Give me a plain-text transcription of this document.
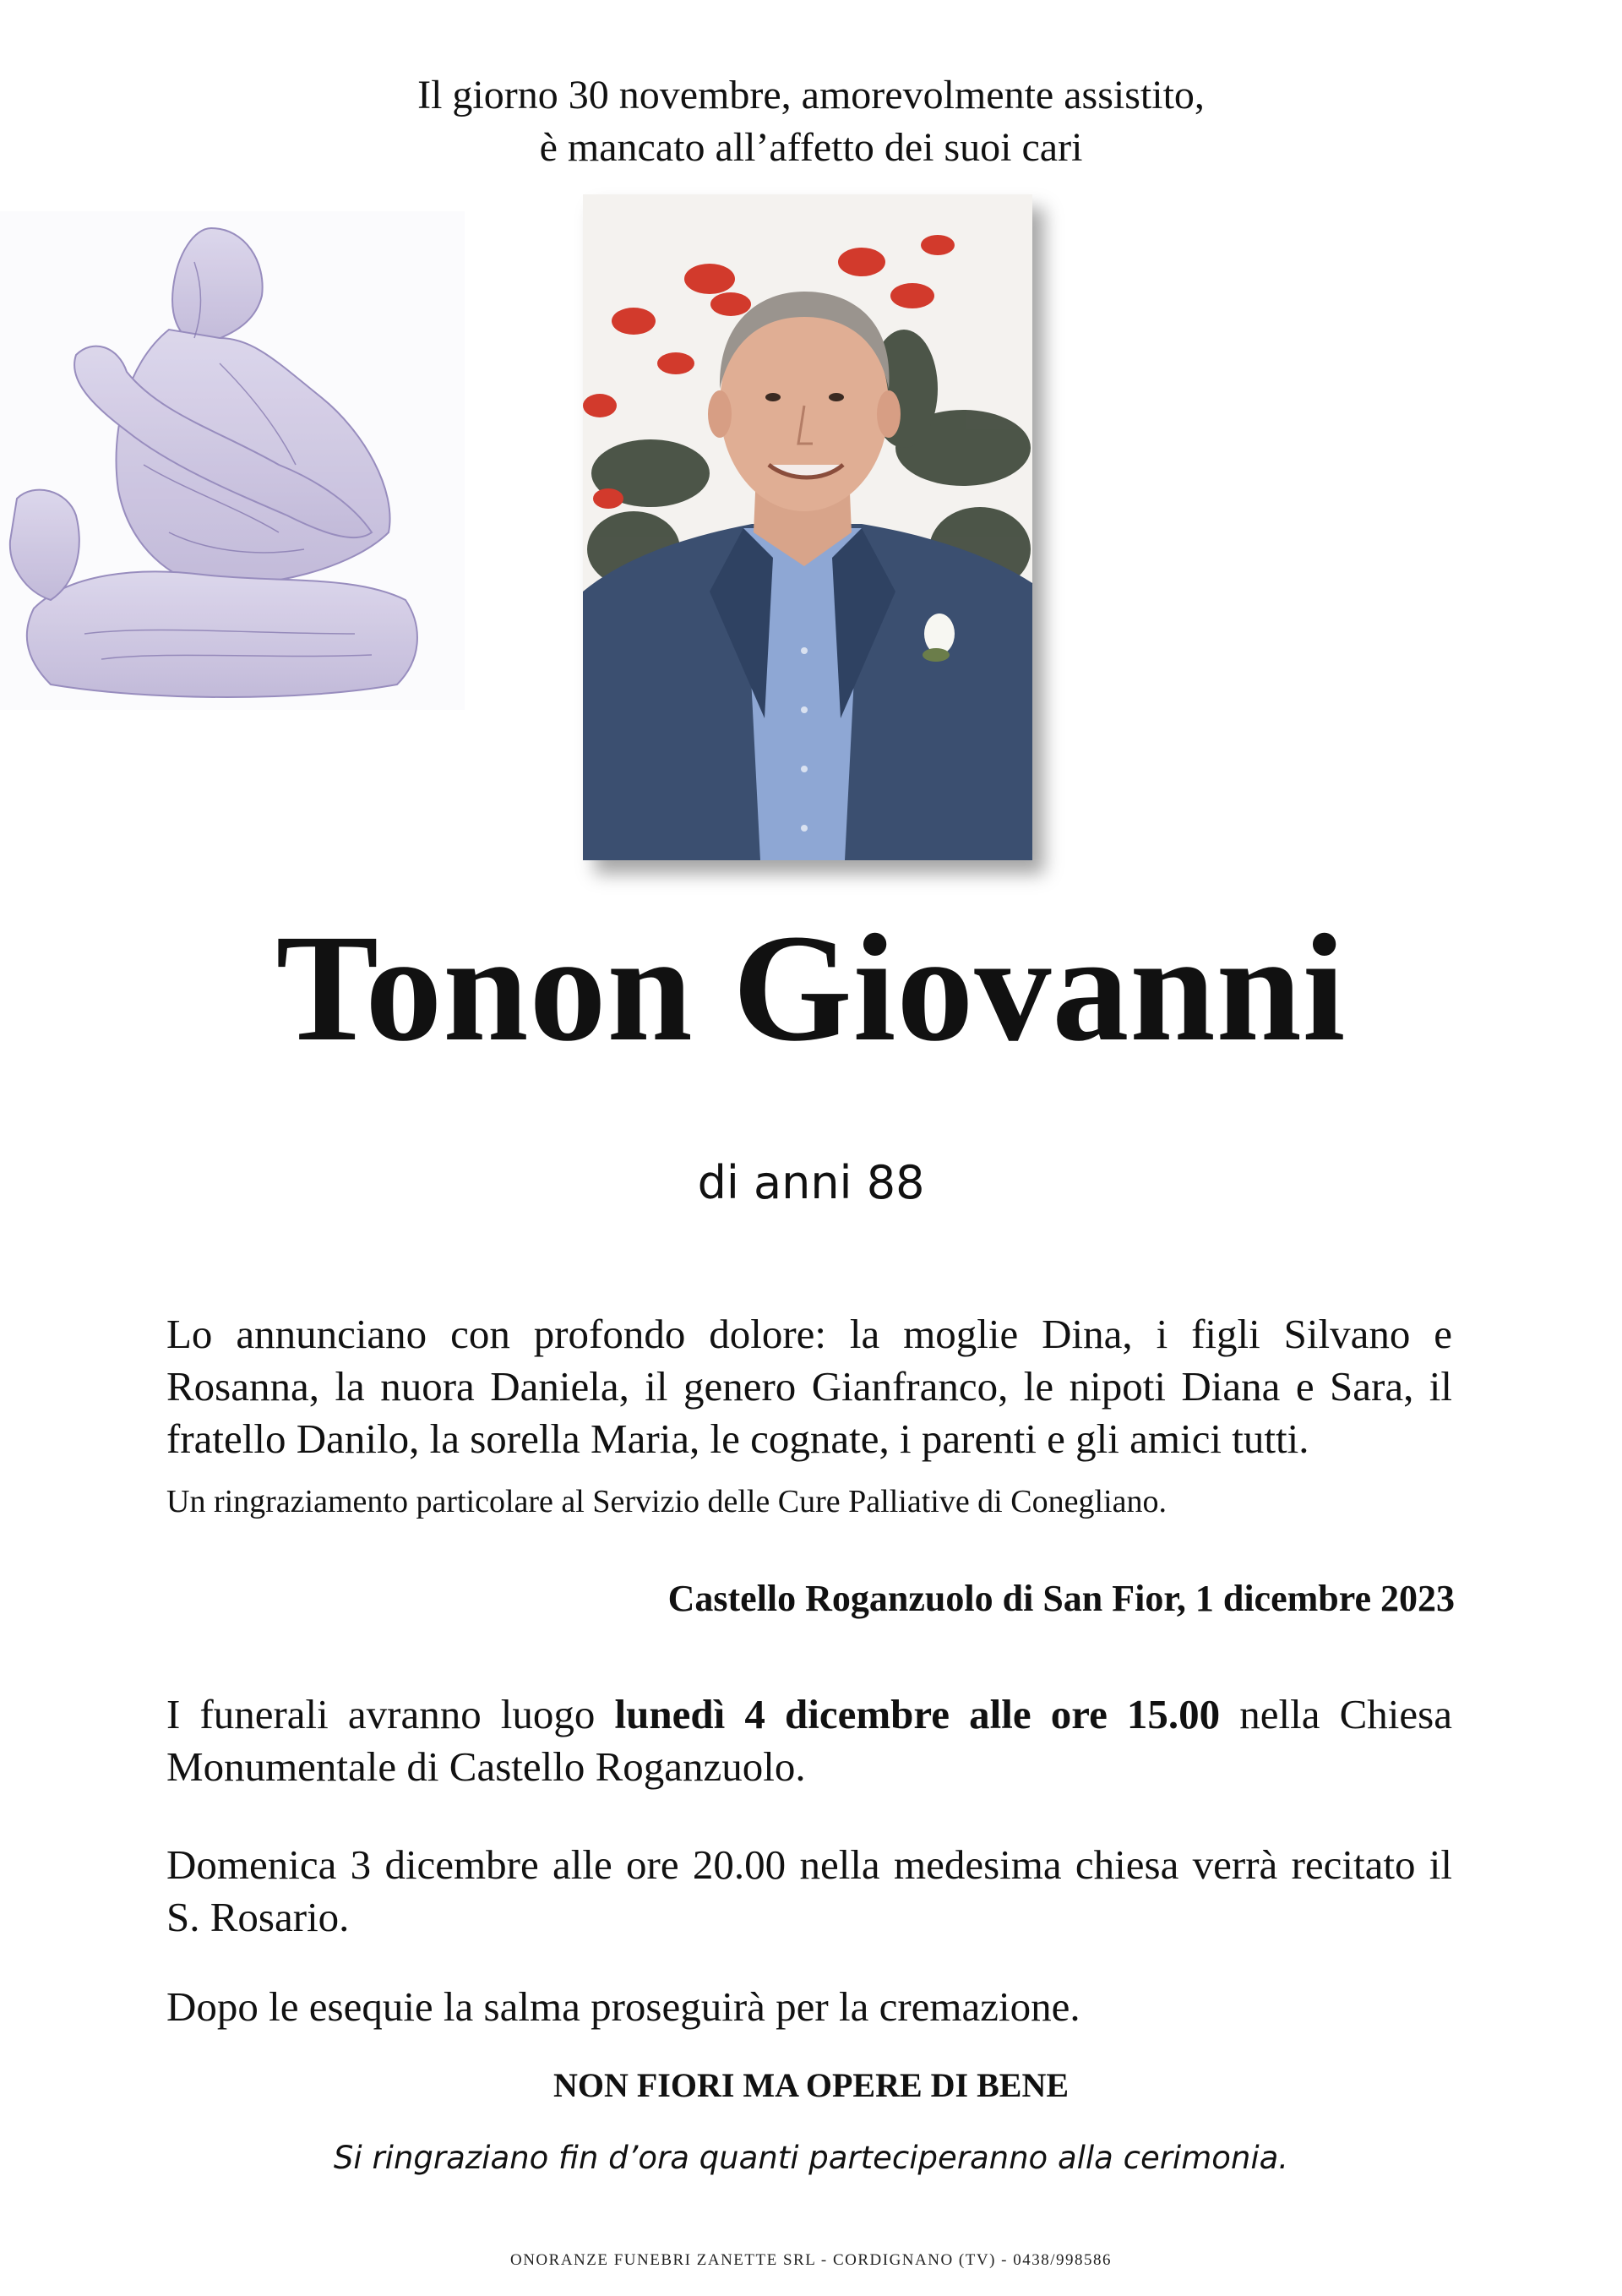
Il giorno 30 novembre, amorevolmente assistito,
è mancato all’affetto dei suoi cari
Tonon Giovanni
di anni 88
Lo annunciano con profondo dolore: la moglie Dina, i figli Silvano e Rosanna, la nuora Daniela, il genero Gianfranco, le nipoti Diana e Sara, il fratello Danilo, la sorella Maria, le cognate, i parenti e gli amici tutti.
Un ringraziamento particolare al Servizio delle Cure Palliative di Conegliano.
Castello Roganzuolo di San Fior, 1 dicembre 2023
I funerali avranno luogo lunedì 4 dicembre alle ore 15.00 nella Chiesa Monumentale di Castello Roganzuolo.
Domenica 3 dicembre alle ore 20.00 nella medesima chiesa verrà recitato il S. Rosario.
Dopo le esequie la salma proseguirà per la cremazione.
NON FIORI MA OPERE DI BENE
Si ringraziano fin d’ora quanti parteciperanno alla cerimonia.
ONORANZE FUNEBRI ZANETTE SRL - CORDIGNANO (TV) - 0438/998586
